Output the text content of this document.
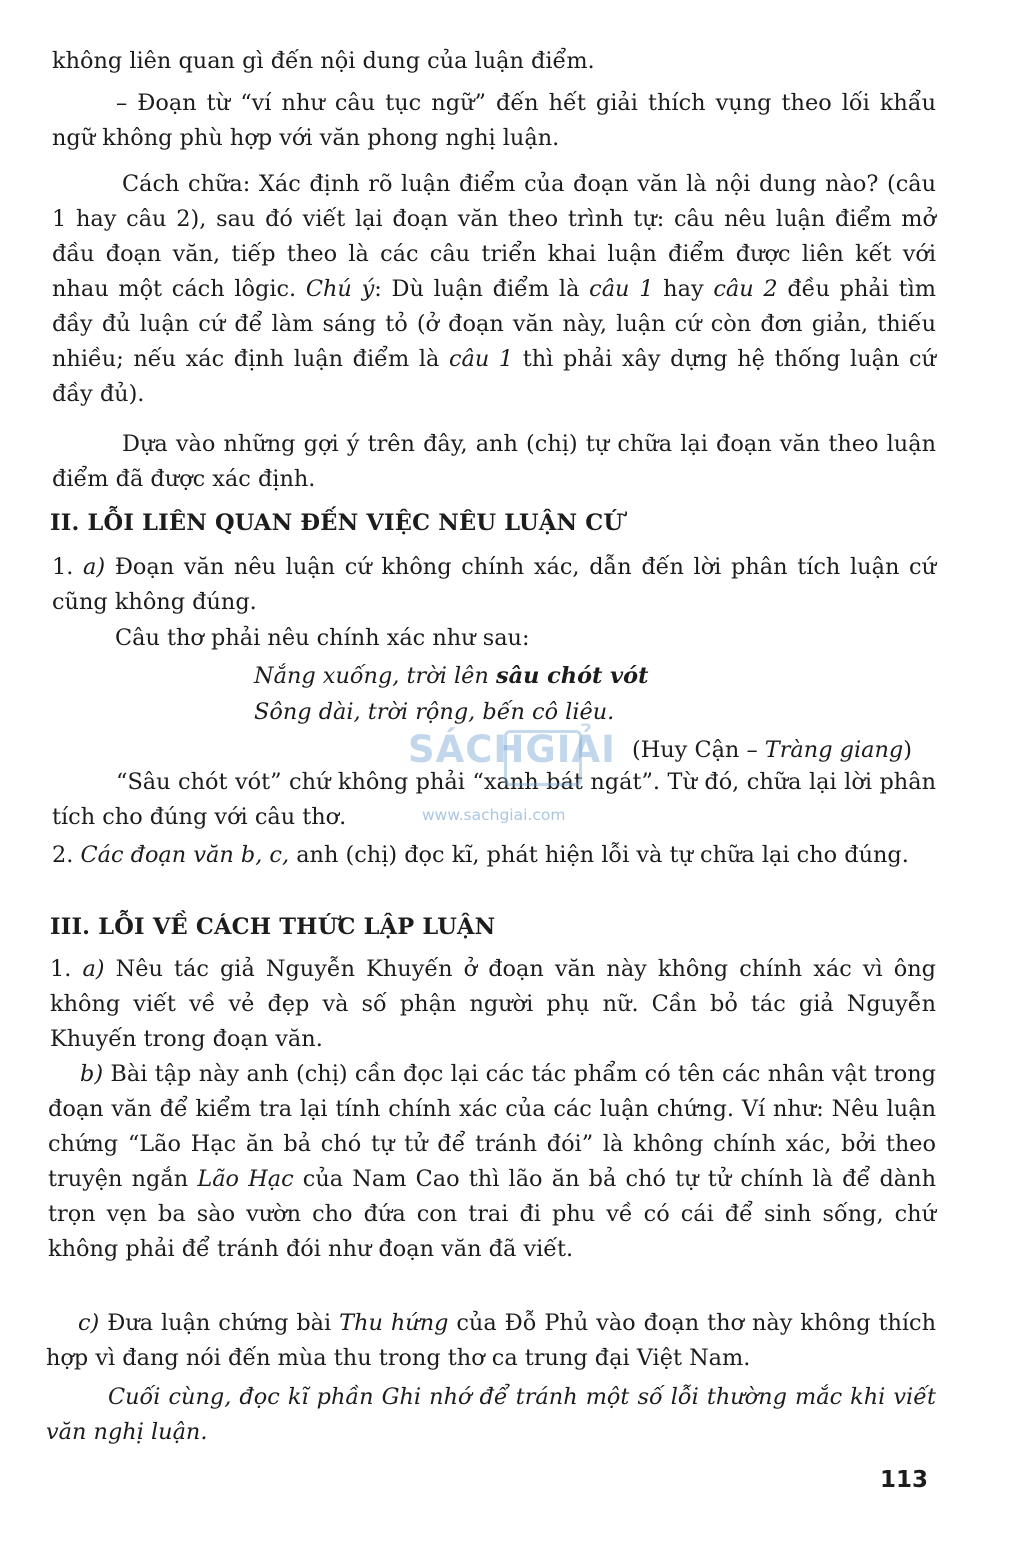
không liên quan gì đến nội dung của luận điểm.

– Đoạn từ “ví như câu tục ngữ” đến hết giải thích vụng theo lối khẩu ngữ không phù hợp với văn phong nghị luận.

Cách chữa: Xác định rõ luận điểm của đoạn văn là nội dung nào? (câu 1 hay câu 2), sau đó viết lại đoạn văn theo trình tự: câu nêu luận điểm mở đầu đoạn văn, tiếp theo là các câu triển khai luận điểm được liên kết với nhau một cách lôgic. Chú ý: Dù luận điểm là câu 1 hay câu 2 đều phải tìm đầy đủ luận cứ để làm sáng tỏ (ở đoạn văn này, luận cứ còn đơn giản, thiếu nhiều; nếu xác định luận điểm là câu 1 thì phải xây dựng hệ thống luận cứ đầy đủ).

Dựa vào những gợi ý trên đây, anh (chị) tự chữa lại đoạn văn theo luận điểm đã được xác định.

II. LỖI LIÊN QUAN ĐẾN VIỆC NÊU LUẬN CỨ

1. a) Đoạn văn nêu luận cứ không chính xác, dẫn đến lời phân tích luận cứ cũng không đúng.

Câu thơ phải nêu chính xác như sau:

Nắng xuống, trời lên sâu chót vót

Sông dài, trời rộng, bến cô liêu.

(Huy Cận – Tràng giang)

“Sâu chót vót” chứ không phải “xanh bát ngát”. Từ đó, chữa lại lời phân tích cho đúng với câu thơ.

2. Các đoạn văn b, c, anh (chị) đọc kĩ, phát hiện lỗi và tự chữa lại cho đúng.

III. LỖI VỀ CÁCH THỨC LẬP LUẬN

1. a) Nêu tác giả Nguyễn Khuyến ở đoạn văn này không chính xác vì ông không viết về vẻ đẹp và số phận người phụ nữ. Cần bỏ tác giả Nguyễn Khuyến trong đoạn văn.

b) Bài tập này anh (chị) cần đọc lại các tác phẩm có tên các nhân vật trong đoạn văn để kiểm tra lại tính chính xác của các luận chứng. Ví như: Nêu luận chứng “Lão Hạc ăn bả chó tự tử để tránh đói” là không chính xác, bởi theo truyện ngắn Lão Hạc của Nam Cao thì lão ăn bả chó tự tử chính là để dành trọn vẹn ba sào vườn cho đứa con trai đi phu về có cái để sinh sống, chứ không phải để tránh đói như đoạn văn đã viết.

c) Đưa luận chứng bài Thu hứng của Đỗ Phủ vào đoạn thơ này không thích hợp vì đang nói đến mùa thu trong thơ ca trung đại Việt Nam.

Cuối cùng, đọc kĩ phần Ghi nhớ để tránh một số lỗi thường mắc khi viết văn nghị luận.

SÁCHGIẢI
www.sachgiai.com

113
